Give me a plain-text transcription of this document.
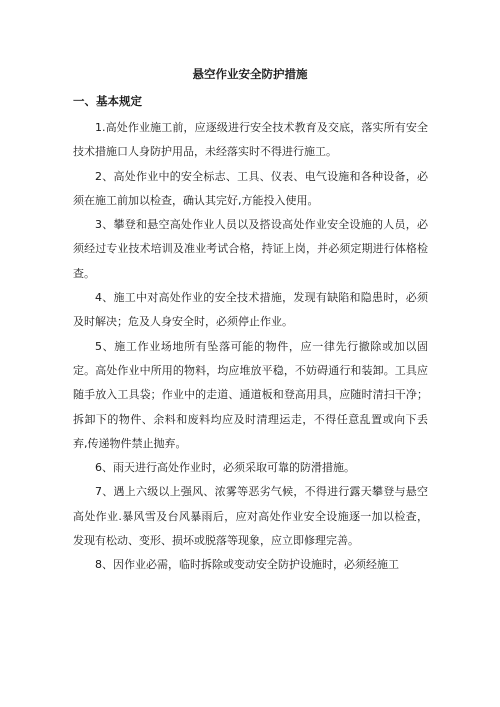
悬空作业安全防护措施
一、基本规定

1.高处作业施工前，应逐级进行安全技术教育及交底，落实所有安全技术措施口人身防护用品，未经落实时不得进行施工。

2、高处作业中的安全标志、工具、仪表、电气设施和各种设备，必须在施工前加以检查，确认其完好,方能投入使用。

3、攀登和悬空高处作业人员以及搭设高处作业安全设施的人员，必须经过专业技术培训及准业考试合格，持证上岗，并必须定期进行体格检查。

4、施工中对高处作业的安全技术措施，发现有缺陷和隐患时，必须及时解决；危及人身安全时，必须停止作业。

5、施工作业场地所有坠落可能的物件，应一律先行撤除或加以固定。高处作业中所用的物料，均应堆放平稳，不妨碍通行和装卸。工具应随手放入工具袋；作业中的走道、通道板和登高用具，应随时清扫干净；拆卸下的物件、余料和废料均应及时清理运走，不得任意乱置或向下丢弃,传递物件禁止抛弃。

6、雨天进行高处作业时，必须采取可靠的防滑措施。

7、遇上六级以上强风、浓雾等恶劣气候，不得进行露天攀登与悬空高处作业.暴风雪及台风暴雨后，应对高处作业安全设施逐一加以检查，发现有松动、变形、损坏或脱落等现象，应立即修理完善。

8、因作业必需，临时拆除或变动安全防护设施时，必须经施工
